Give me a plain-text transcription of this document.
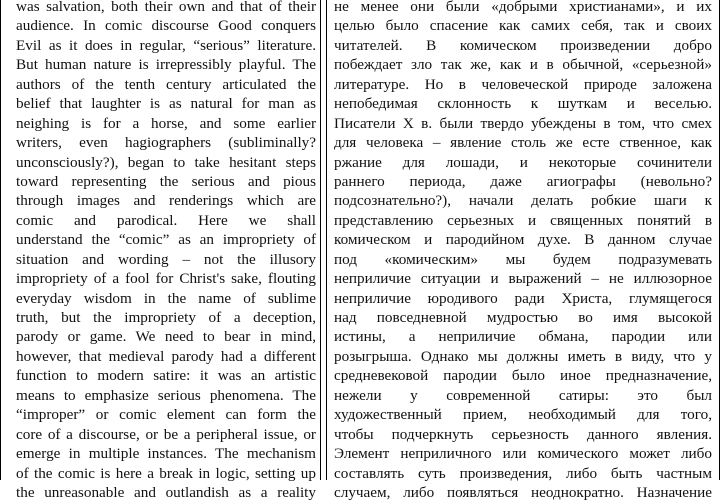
was salvation, both their own and that of their
audience. In comic discourse Good conquers
Evil as it does in regular, “serious” literature.
But human nature is irrepressibly playful. The
authors of the tenth century articulated the
belief that laughter is as natural for man as
neighing is for a horse, and some earlier
writers, even hagiographers (subliminally?
unconsciously?), began to take hesitant steps
toward representing the serious and pious
through images and renderings which are
comic and parodical. Here we shall
understand the “comic” as an impropriety of
situation and wording – not the illusory
impropriety of a fool for Christ's sake, flouting
everyday wisdom in the name of sublime
truth, but the impropriety of a deception,
parody or game. We need to bear in mind,
however, that medieval parody had a different
function to modern satire: it was an artistic
means to emphasize serious phenomena. The
“improper” or comic element can form the
core of a discourse, or be a peripheral issue, or
emerge in multiple instances. The mechanism
of the comic is here a break in logic, setting up
the unreasonable and outlandish as a reality
не менее они были «добрыми христианами», и их
целью было спасение как самих себя, так и своих
читателей. В комическом произведении добро
побеждает зло так же, как и в обычной, «серьезной»
литературе. Но в человеческой природе заложена
непобедимая склонность к шуткам и веселью.
Писатели X в. были твердо убеждены в том, что смех
для человека – явление столь же есте ственное, как
ржание для лошади, и некоторые сочинители
раннего периода, даже агиографы (невольно?
подсознательно?), начали делать робкие шаги к
представлению серьезных и священных понятий в
комическом и пародийном духе. В данном случае
под «комическим» мы будем подразумевать
неприличие ситуации и выражений – не иллюзорное
неприличие юродивого ради Христа, глумящегося
над повседневной мудростью во имя высокой
истины, а неприличие обмана, пародии или
розыгрыша. Однако мы должны иметь в виду, что у
средневековой пародии было иное предназначение,
нежели у современной сатиры: это был
художественный прием, необходимый для того,
чтобы подчеркнуть серьезность данного явления.
Элемент неприличного или комического может либо
составлять суть произведения, либо быть частным
случаем, либо появляться неоднократно. Назначение
